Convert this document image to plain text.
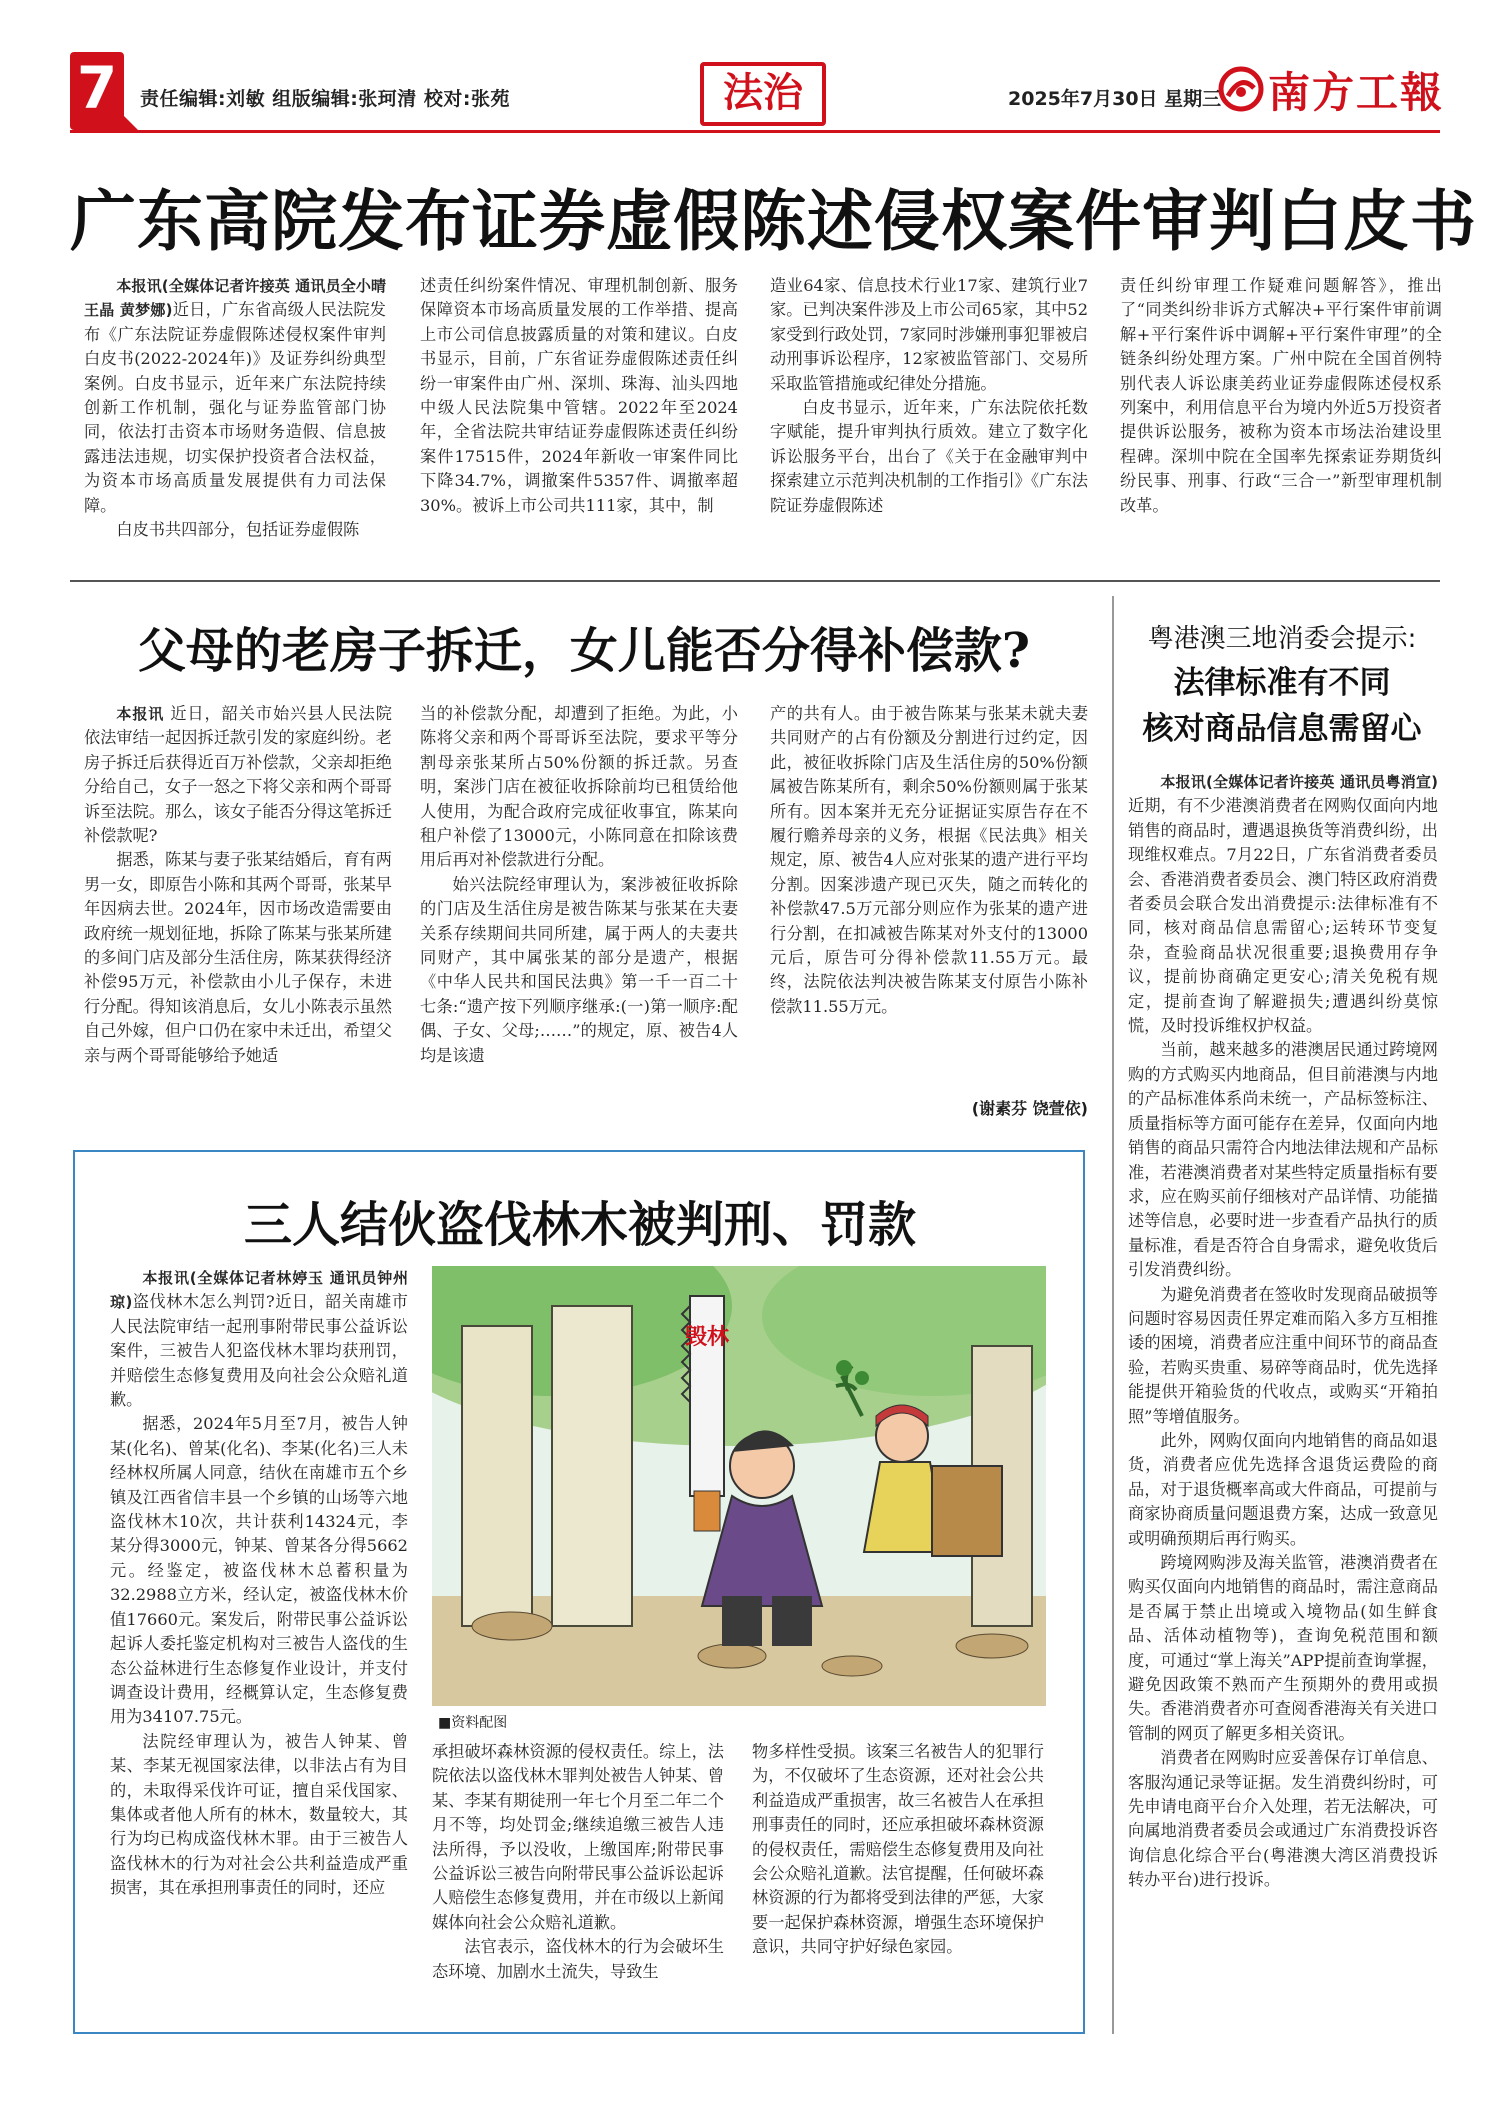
7	责任编辑:刘敏 组版编辑:张珂清 校对:张苑	法治	2025年7月30日 星期三 南方工報
广东高院发布证券虚假陈述侵权案件审判白皮书

本报讯(全媒体记者许接英 通讯员全小晴 王晶 黄梦娜)近日，广东省高级人民法院发布《广东法院证券虚假陈述侵权案件审判白皮书(2022-2024年)》及证券纠纷典型案例。白皮书显示，近年来广东法院持续创新工作机制，强化与证券监管部门协同，依法打击资本市场财务造假、信息披露违法违规，切实保护投资者合法权益，为资本市场高质量发展提供有力司法保障。

白皮书共四部分，包括证券虚假陈

述责任纠纷案件情况、审理机制创新、服务保障资本市场高质量发展的工作举措、提高上市公司信息披露质量的对策和建议。白皮书显示，目前，广东省证券虚假陈述责任纠纷一审案件由广州、深圳、珠海、汕头四地中级人民法院集中管辖。2022年至2024年，全省法院共审结证券虚假陈述责任纠纷案件17515件，2024年新收一审案件同比下降34.7%，调撤案件5357件、调撤率超30%。被诉上市公司共111家，其中，制

造业64家、信息技术行业17家、建筑行业7家。已判决案件涉及上市公司65家，其中52家受到行政处罚，7家同时涉嫌刑事犯罪被启动刑事诉讼程序，12家被监管部门、交易所采取监管措施或纪律处分措施。

白皮书显示，近年来，广东法院依托数字赋能，提升审判执行质效。建立了数字化诉讼服务平台，出台了《关于在金融审判中探索建立示范判决机制的工作指引》《广东法院证券虚假陈述

责任纠纷审理工作疑难问题解答》，推出了“同类纠纷非诉方式解决+平行案件审前调解+平行案件诉中调解+平行案件审理”的全链条纠纷处理方案。广州中院在全国首例特别代表人诉讼康美药业证券虚假陈述侵权系列案中，利用信息平台为境内外近5万投资者提供诉讼服务，被称为资本市场法治建设里程碑。深圳中院在全国率先探索证券期货纠纷民事、刑事、行政“三合一”新型审理机制改革。

父母的老房子拆迁，女儿能否分得补偿款?

本报讯 近日，韶关市始兴县人民法院依法审结一起因拆迁款引发的家庭纠纷。老房子拆迁后获得近百万补偿款，父亲却拒绝分给自己，女子一怒之下将父亲和两个哥哥诉至法院。那么，该女子能否分得这笔拆迁补偿款呢?

据悉，陈某与妻子张某结婚后，育有两男一女，即原告小陈和其两个哥哥，张某早年因病去世。2024年，因市场改造需要由政府统一规划征地，拆除了陈某与张某所建的多间门店及部分生活住房，陈某获得经济补偿95万元，补偿款由小儿子保存，未进行分配。得知该消息后，女儿小陈表示虽然自己外嫁，但户口仍在家中未迁出，希望父亲与两个哥哥能够给予她适

当的补偿款分配，却遭到了拒绝。为此，小陈将父亲和两个哥哥诉至法院，要求平等分割母亲张某所占50%份额的拆迁款。另查明，案涉门店在被征收拆除前均已租赁给他人使用，为配合政府完成征收事宜，陈某向租户补偿了13000元，小陈同意在扣除该费用后再对补偿款进行分配。

始兴法院经审理认为，案涉被征收拆除的门店及生活住房是被告陈某与张某在夫妻关系存续期间共同所建，属于两人的夫妻共同财产，其中属张某的部分是遗产，根据《中华人民共和国民法典》第一千一百二十七条:“遗产按下列顺序继承:(一)第一顺序:配偶、子女、父母;……”的规定，原、被告4人均是该遗

产的共有人。由于被告陈某与张某未就夫妻共同财产的占有份额及分割进行过约定，因此，被征收拆除门店及生活住房的50%份额属被告陈某所有，剩余50%份额则属于张某所有。因本案并无充分证据证实原告存在不履行赡养母亲的义务，根据《民法典》相关规定，原、被告4人应对张某的遗产进行平均分割。因案涉遗产现已灭失，随之而转化的补偿款47.5万元部分则应作为张某的遗产进行分割，在扣减被告陈某对外支付的13000元后，原告可分得补偿款11.55万元。最终，法院依法判决被告陈某支付原告小陈补偿款11.55万元。

(谢素芬 饶萱依)
粤港澳三地消委会提示:
法律标准有不同
核对商品信息需留心

本报讯(全媒体记者许接英 通讯员粤消宣)近期，有不少港澳消费者在网购仅面向内地销售的商品时，遭遇退换货等消费纠纷，出现维权难点。7月22日，广东省消费者委员会、香港消费者委员会、澳门特区政府消费者委员会联合发出消费提示:法律标准有不同，核对商品信息需留心;运转环节变复杂，查验商品状况很重要;退换费用存争议，提前协商确定更安心;清关免税有规定，提前查询了解避损失;遭遇纠纷莫惊慌，及时投诉维权护权益。

当前，越来越多的港澳居民通过跨境网购的方式购买内地商品，但目前港澳与内地的产品标准体系尚未统一，产品标签标注、质量指标等方面可能存在差异，仅面向内地销售的商品只需符合内地法律法规和产品标准，若港澳消费者对某些特定质量指标有要求，应在购买前仔细核对产品详情、功能描述等信息，必要时进一步查看产品执行的质量标准，看是否符合自身需求，避免收货后引发消费纠纷。

为避免消费者在签收时发现商品破损等问题时容易因责任界定难而陷入多方互相推诿的困境，消费者应注重中间环节的商品查验，若购买贵重、易碎等商品时，优先选择能提供开箱验货的代收点，或购买“开箱拍照”等增值服务。

此外，网购仅面向内地销售的商品如退货，消费者应优先选择含退货运费险的商品，对于退货概率高或大件商品，可提前与商家协商质量问题退费方案，达成一致意见或明确预期后再行购买。

跨境网购涉及海关监管，港澳消费者在购买仅面向内地销售的商品时，需注意商品是否属于禁止出境或入境物品(如生鲜食品、活体动植物等)，查询免税范围和额度，可通过“掌上海关”APP提前查询掌握，避免因政策不熟而产生预期外的费用或损失。香港消费者亦可查阅香港海关有关进口管制的网页了解更多相关资讯。

消费者在网购时应妥善保存订单信息、客服沟通记录等证据。发生消费纠纷时，可先申请电商平台介入处理，若无法解决，可向属地消费者委员会或通过广东消费投诉咨询信息化综合平台(粤港澳大湾区消费投诉转办平台)进行投诉。

三人结伙盗伐林木被判刑、罚款

本报讯(全媒体记者林婷玉 通讯员钟州琼)盗伐林木怎么判罚?近日，韶关南雄市人民法院审结一起刑事附带民事公益诉讼案件，三被告人犯盗伐林木罪均获刑罚，并赔偿生态修复费用及向社会公众赔礼道歉。

据悉，2024年5月至7月，被告人钟某(化名)、曾某(化名)、李某(化名)三人未经林权所属人同意，结伙在南雄市五个乡镇及江西省信丰县一个乡镇的山场等六地盗伐林木10次，共计获利14324元，李某分得3000元，钟某、曾某各分得5662元。经鉴定，被盗伐林木总蓄积量为32.2988立方米，经认定，被盗伐林木价值17660元。案发后，附带民事公益诉讼起诉人委托鉴定机构对三被告人盗伐的生态公益林进行生态修复作业设计，并支付调查设计费用，经概算认定，生态修复费用为34107.75元。

法院经审理认为，被告人钟某、曾某、李某无视国家法律，以非法占有为目的，未取得采伐许可证，擅自采伐国家、集体或者他人所有的林木，数量较大，其行为均已构成盗伐林木罪。由于三被告人盗伐林木的行为对社会公共利益造成严重损害，其在承担刑事责任的同时，还应

毁林
■资料配图

承担破坏森林资源的侵权责任。综上，法院依法以盗伐林木罪判处被告人钟某、曾某、李某有期徒刑一年七个月至二年二个月不等，均处罚金;继续追缴三被告人违法所得，予以没收，上缴国库;附带民事公益诉讼三被告向附带民事公益诉讼起诉人赔偿生态修复费用，并在市级以上新闻媒体向社会公众赔礼道歉。

法官表示，盗伐林木的行为会破坏生态环境、加剧水土流失，导致生

物多样性受损。该案三名被告人的犯罪行为，不仅破坏了生态资源，还对社会公共利益造成严重损害，故三名被告人在承担刑事责任的同时，还应承担破坏森林资源的侵权责任，需赔偿生态修复费用及向社会公众赔礼道歉。法官提醒，任何破坏森林资源的行为都将受到法律的严惩，大家要一起保护森林资源，增强生态环境保护意识，共同守护好绿色家园。
